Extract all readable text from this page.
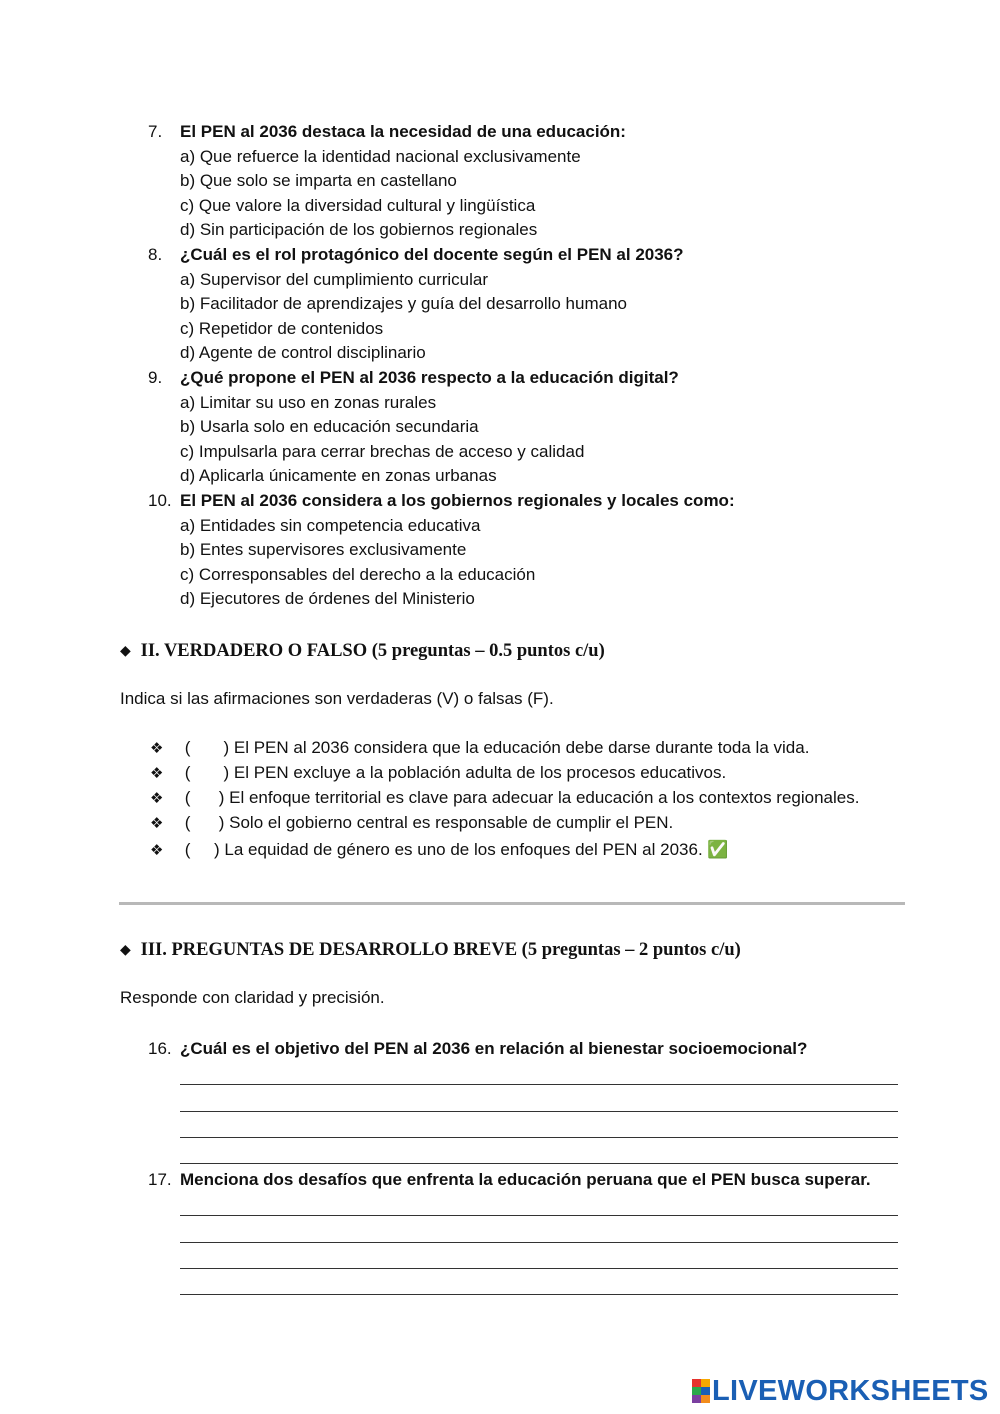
7.	El PEN al 2036 destaca la necesidad de una educación:
a) Que refuerce la identidad nacional exclusivamente
b) Que solo se imparta en castellano
c) Que valore la diversidad cultural y lingüística
d) Sin participación de los gobiernos regionales
8.	¿Cuál es el rol protagónico del docente según el PEN al 2036?
a) Supervisor del cumplimiento curricular
b) Facilitador de aprendizajes y guía del desarrollo humano
c) Repetidor de contenidos
d) Agente de control disciplinario
9.	¿Qué propone el PEN al 2036 respecto a la educación digital?
a) Limitar su uso en zonas rurales
b) Usarla solo en educación secundaria
c) Impulsarla para cerrar brechas de acceso y calidad
d) Aplicarla únicamente en zonas urbanas
10. El PEN al 2036 considera a los gobiernos regionales y locales como:
a) Entidades sin competencia educativa
b) Entes supervisores exclusivamente
c) Corresponsables del derecho a la educación
d) Ejecutores de órdenes del Ministerio
◆ II. VERDADERO O FALSO (5 preguntas – 0.5 puntos c/u)
Indica si las afirmaciones son verdaderas (V) o falsas (F).
❖ (       ) El PEN al 2036 considera que la educación debe darse durante toda la vida.
❖ (       ) El PEN excluye a la población adulta de los procesos educativos.
❖ (      ) El enfoque territorial es clave para adecuar la educación a los contextos regionales.
❖ (      ) Solo el gobierno central es responsable de cumplir el PEN.
❖ (     ) La equidad de género es uno de los enfoques del PEN al 2036. ✅
◆ III. PREGUNTAS DE DESARROLLO BREVE (5 preguntas – 2 puntos c/u)
Responde con claridad y precisión.
16. ¿Cuál es el objetivo del PEN al 2036 en relación al bienestar socioemocional?
17. Menciona dos desafíos que enfrenta la educación peruana que el PEN busca superar.
LIVEWORKSHEETS
